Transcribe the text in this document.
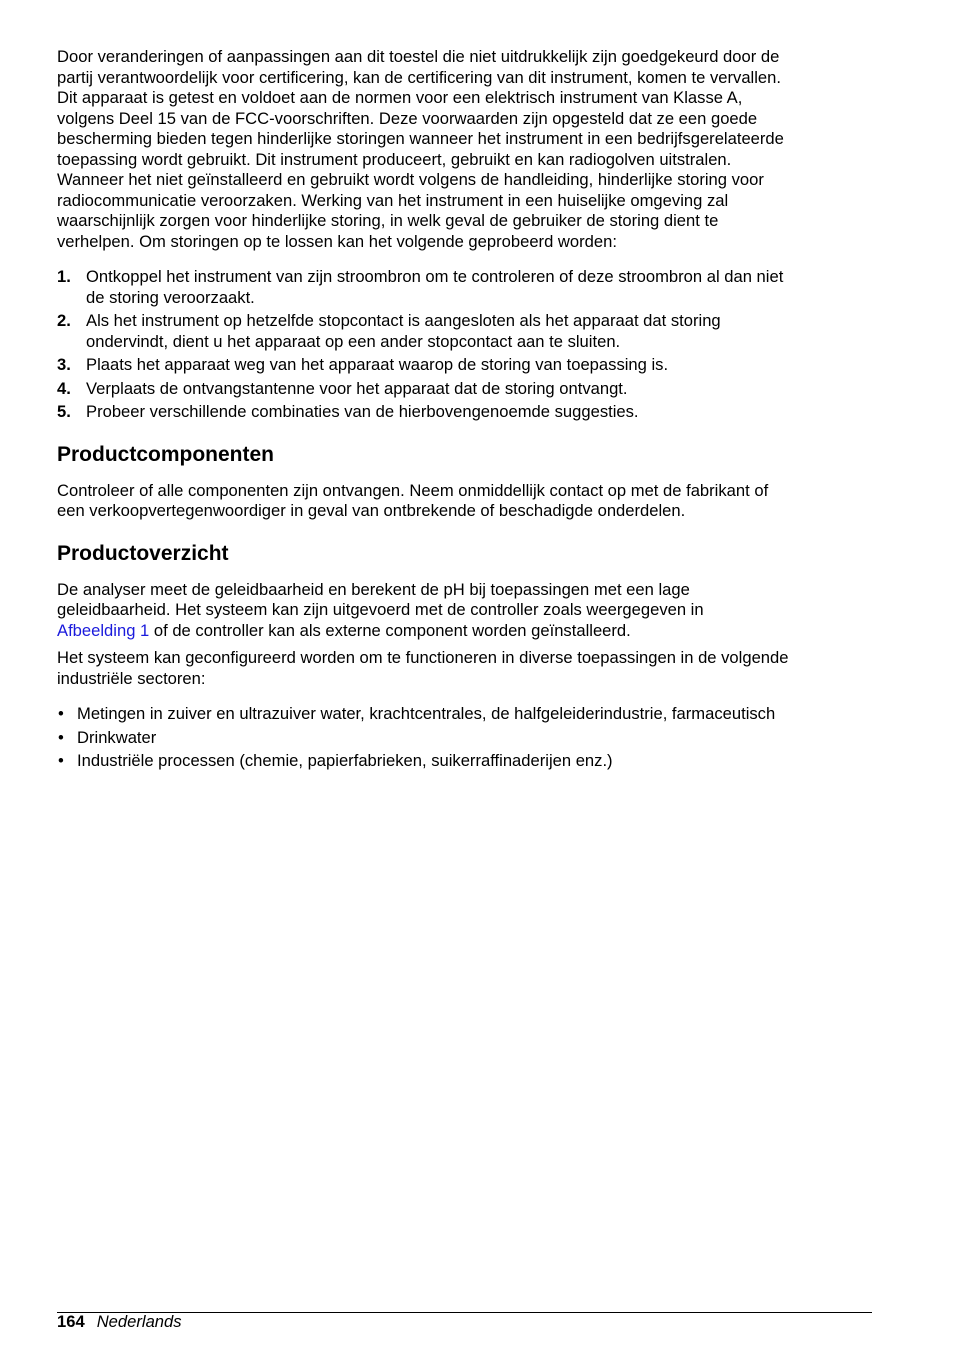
Door veranderingen of aanpassingen aan dit toestel die niet uitdrukkelijk zijn goedgekeurd door de
partij verantwoordelijk voor certificering, kan de certificering van dit instrument, komen te vervallen.
Dit apparaat is getest en voldoet aan de normen voor een elektrisch instrument van Klasse A,
volgens Deel 15 van de FCC-voorschriften. Deze voorwaarden zijn opgesteld dat ze een goede
bescherming bieden tegen hinderlijke storingen wanneer het instrument in een bedrijfsgerelateerde
toepassing wordt gebruikt. Dit instrument produceert, gebruikt en kan radiogolven uitstralen.
Wanneer het niet geïnstalleerd en gebruikt wordt volgens de handleiding, hinderlijke storing voor
radiocommunicatie veroorzaken. Werking van het instrument in een huiselijke omgeving zal
waarschijnlijk zorgen voor hinderlijke storing, in welk geval de gebruiker de storing dient te
verhelpen. Om storingen op te lossen kan het volgende geprobeerd worden:

1. Ontkoppel het instrument van zijn stroombron om te controleren of deze stroombron al dan niet
de storing veroorzaakt.
2. Als het instrument op hetzelfde stopcontact is aangesloten als het apparaat dat storing
ondervindt, dient u het apparaat op een ander stopcontact aan te sluiten.
3. Plaats het apparaat weg van het apparaat waarop de storing van toepassing is.
4. Verplaats de ontvangstantenne voor het apparaat dat de storing ontvangt.
5. Probeer verschillende combinaties van de hierbovengenoemde suggesties.
Productcomponenten

Controleer of alle componenten zijn ontvangen. Neem onmiddellijk contact op met de fabrikant of
een verkoopvertegenwoordiger in geval van ontbrekende of beschadigde onderdelen.

Productoverzicht

De analyser meet de geleidbaarheid en berekent de pH bij toepassingen met een lage
geleidbaarheid. Het systeem kan zijn uitgevoerd met de controller zoals weergegeven in
Afbeelding 1 of de controller kan als externe component worden geïnstalleerd.

Het systeem kan geconfigureerd worden om te functioneren in diverse toepassingen in de volgende
industriële sectoren:

• Metingen in zuiver en ultrazuiver water, krachtcentrales, de halfgeleiderindustrie, farmaceutisch
• Drinkwater
• Industriële processen (chemie, papierfabrieken, suikerraffinaderijen enz.)
164 Nederlands
